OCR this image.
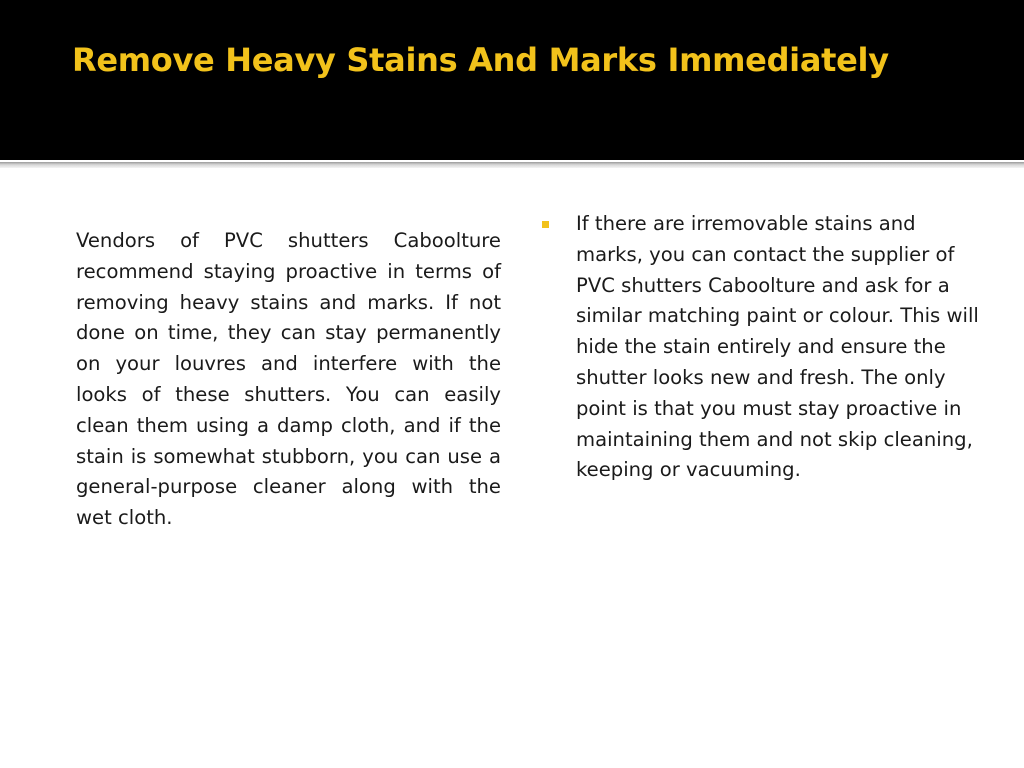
Remove Heavy Stains And Marks Immediately

Vendors of PVC shutters Caboolture recommend staying proactive in terms of removing heavy stains and marks. If not done on time, they can stay permanently on your louvres and interfere with the looks of these shutters. You can easily clean them using a damp cloth, and if the stain is somewhat stubborn, you can use a general-purpose cleaner along with the wet cloth.

If there are irremovable stains and marks, you can contact the supplier of PVC shutters Caboolture and ask for a similar matching paint or colour. This will hide the stain entirely and ensure the shutter looks new and fresh. The only point is that you must stay proactive in maintaining them and not skip cleaning, keeping or vacuuming.
